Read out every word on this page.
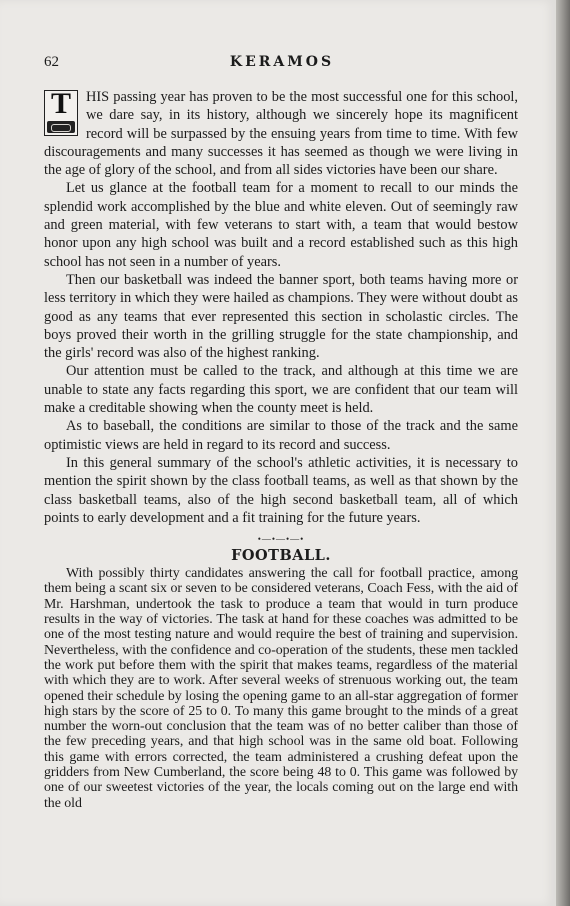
62	KERAMOS

T	HIS passing year has proven to be the most successful one for this school, we dare say, in its history, although we sincerely hope its magnificent record will be surpassed by the ensuing years from time to time. With few discouragements and many successes it has seemed as though we were living in the age of glory of the school, and from all sides victories have been our share.

Let us glance at the football team for a moment to recall to our minds the splendid work accomplished by the blue and white eleven. Out of seemingly raw and green material, with few veterans to start with, a team that would bestow honor upon any high school was built and a record established such as this high school has not seen in a number of years.

Then our basketball was indeed the banner sport, both teams having more or less territory in which they were hailed as champions. They were without doubt as good as any teams that ever represented this section in scholastic circles. The boys proved their worth in the grilling struggle for the state championship, and the girls' record was also of the highest ranking.

Our attention must be called to the track, and although at this time we are unable to state any facts regarding this sport, we are confident that our team will make a creditable showing when the county meet is held.

As to baseball, the conditions are similar to those of the track and the same optimistic views are held in regard to its record and success.

In this general summary of the school's athletic activities, it is necessary to mention the spirit shown by the class football teams, as well as that shown by the class basketball teams, also of the high second basketball team, all of which points to early development and a fit training for the future years.

•—•—•—•
FOOTBALL.

With possibly thirty candidates answering the call for football practice, among them being a scant six or seven to be considered veterans, Coach Fess, with the aid of Mr. Harshman, undertook the task to produce a team that would in turn produce results in the way of victories. The task at hand for these coaches was admitted to be one of the most testing nature and would require the best of training and supervision. Nevertheless, with the confidence and co-operation of the students, these men tackled the work put before them with the spirit that makes teams, regardless of the material with which they are to work. After several weeks of strenuous working out, the team opened their schedule by losing the opening game to an all-star aggregation of former high stars by the score of 25 to 0. To many this game brought to the minds of a great number the worn-out conclusion that the team was of no better caliber than those of the few preceding years, and that high school was in the same old boat. Following this game with errors corrected, the team administered a crushing defeat upon the gridders from New Cumberland, the score being 48 to 0. This game was followed by one of our sweetest victories of the year, the locals coming out on the large end with the old
